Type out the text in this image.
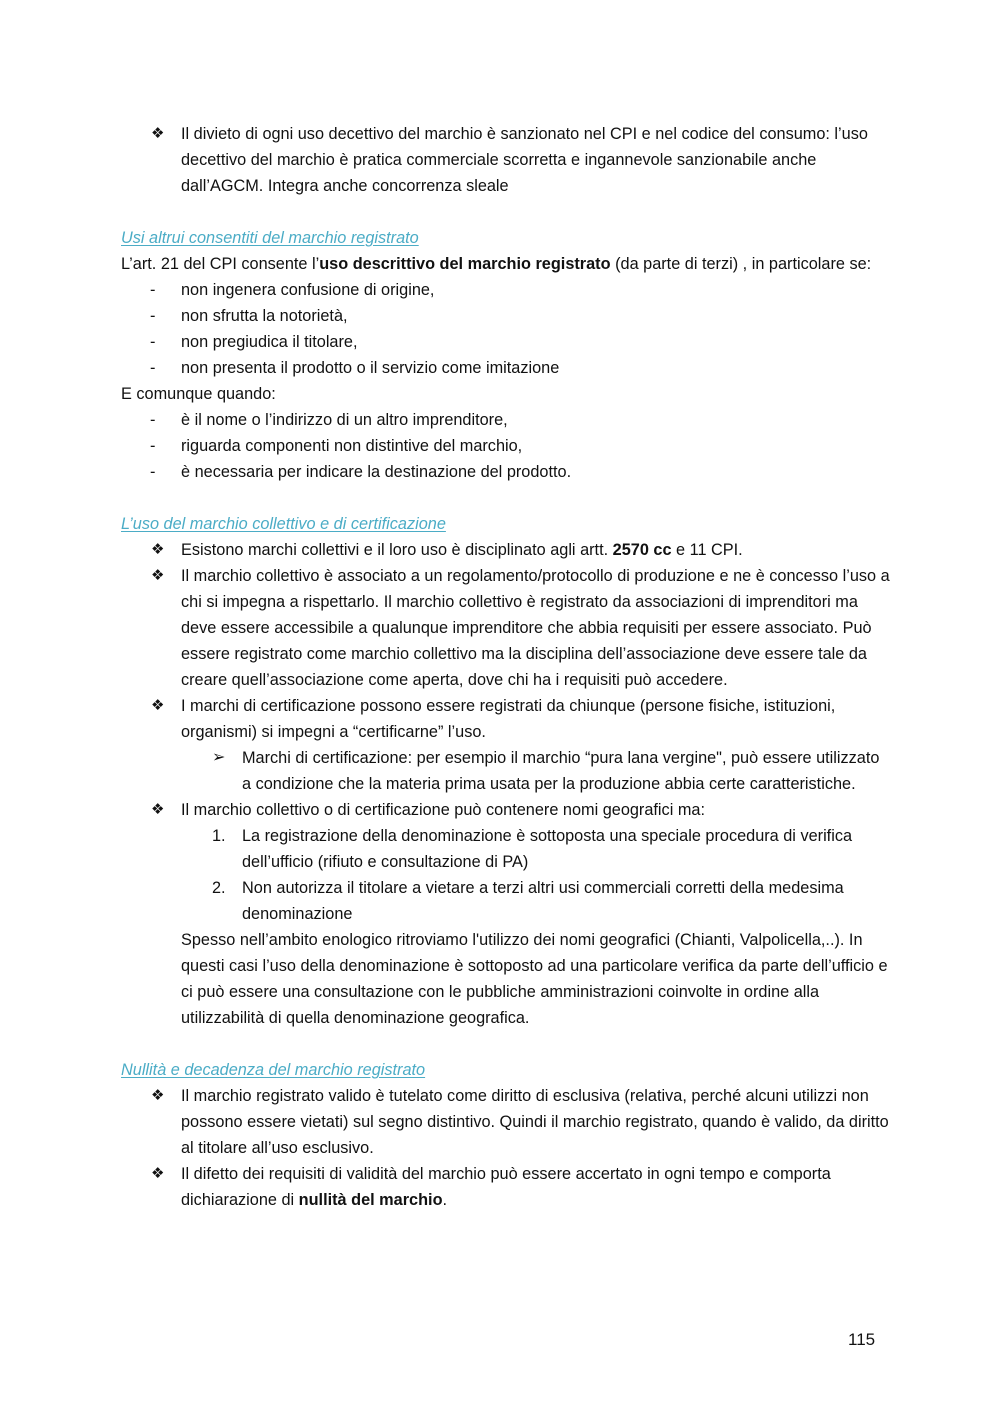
❖ Il divieto di ogni uso decettivo del marchio è sanzionato nel CPI e nel codice del consumo: l’uso decettivo del marchio è pratica commerciale scorretta e ingannevole sanzionabile anche dall’AGCM. Integra anche concorrenza sleale

Usi altrui consentiti del marchio registrato

L’art. 21 del CPI consente l’uso descrittivo del marchio registrato (da parte di terzi) , in particolare se:

- non ingenera confusione di origine,

- non sfrutta la notorietà,

- non pregiudica il titolare,

- non presenta il prodotto o il servizio come imitazione

E comunque quando:

- è il nome o l’indirizzo di un altro imprenditore,

- riguarda componenti non distintive del marchio,

- è necessaria per indicare la destinazione del prodotto.

L’uso del marchio collettivo e di certificazione

❖ Esistono marchi collettivi e il loro uso è disciplinato agli artt. 2570 cc e 11 CPI.

❖ Il marchio collettivo è associato a un regolamento/protocollo di produzione e ne è concesso l’uso a chi si impegna a rispettarlo. Il marchio collettivo è registrato da associazioni di imprenditori ma deve essere accessibile a qualunque imprenditore che abbia requisiti per essere associato. Può essere registrato come marchio collettivo ma la disciplina dell’associazione deve essere tale da creare quell’associazione come aperta, dove chi ha i requisiti può accedere.

❖ I marchi di certificazione possono essere registrati da chiunque (persone fisiche, istituzioni, organismi) si impegni a “certificarne” l’uso.

➢ Marchi di certificazione: per esempio il marchio “pura lana vergine", può essere utilizzato a condizione che la materia prima usata per la produzione abbia certe caratteristiche.

❖ Il marchio collettivo o di certificazione può contenere nomi geografici ma:

1. La registrazione della denominazione è sottoposta una speciale procedura di verifica dell’ufficio (rifiuto e consultazione di PA)

2. Non autorizza il titolare a vietare a terzi altri usi commerciali corretti della medesima denominazione

Spesso nell’ambito enologico ritroviamo l'utilizzo dei nomi geografici (Chianti, Valpolicella,..). In questi casi l’uso della denominazione è sottoposto ad una particolare verifica da parte dell’ufficio e ci può essere una consultazione con le pubbliche amministrazioni coinvolte in ordine alla utilizzabilità di quella denominazione geografica.

Nullità e decadenza del marchio registrato

❖ Il marchio registrato valido è tutelato come diritto di esclusiva (relativa, perché alcuni utilizzi non possono essere vietati) sul segno distintivo. Quindi il marchio registrato, quando è valido, da diritto al titolare all’uso esclusivo.

❖ Il difetto dei requisiti di validità del marchio può essere accertato in ogni tempo e comporta dichiarazione di nullità del marchio.

115
